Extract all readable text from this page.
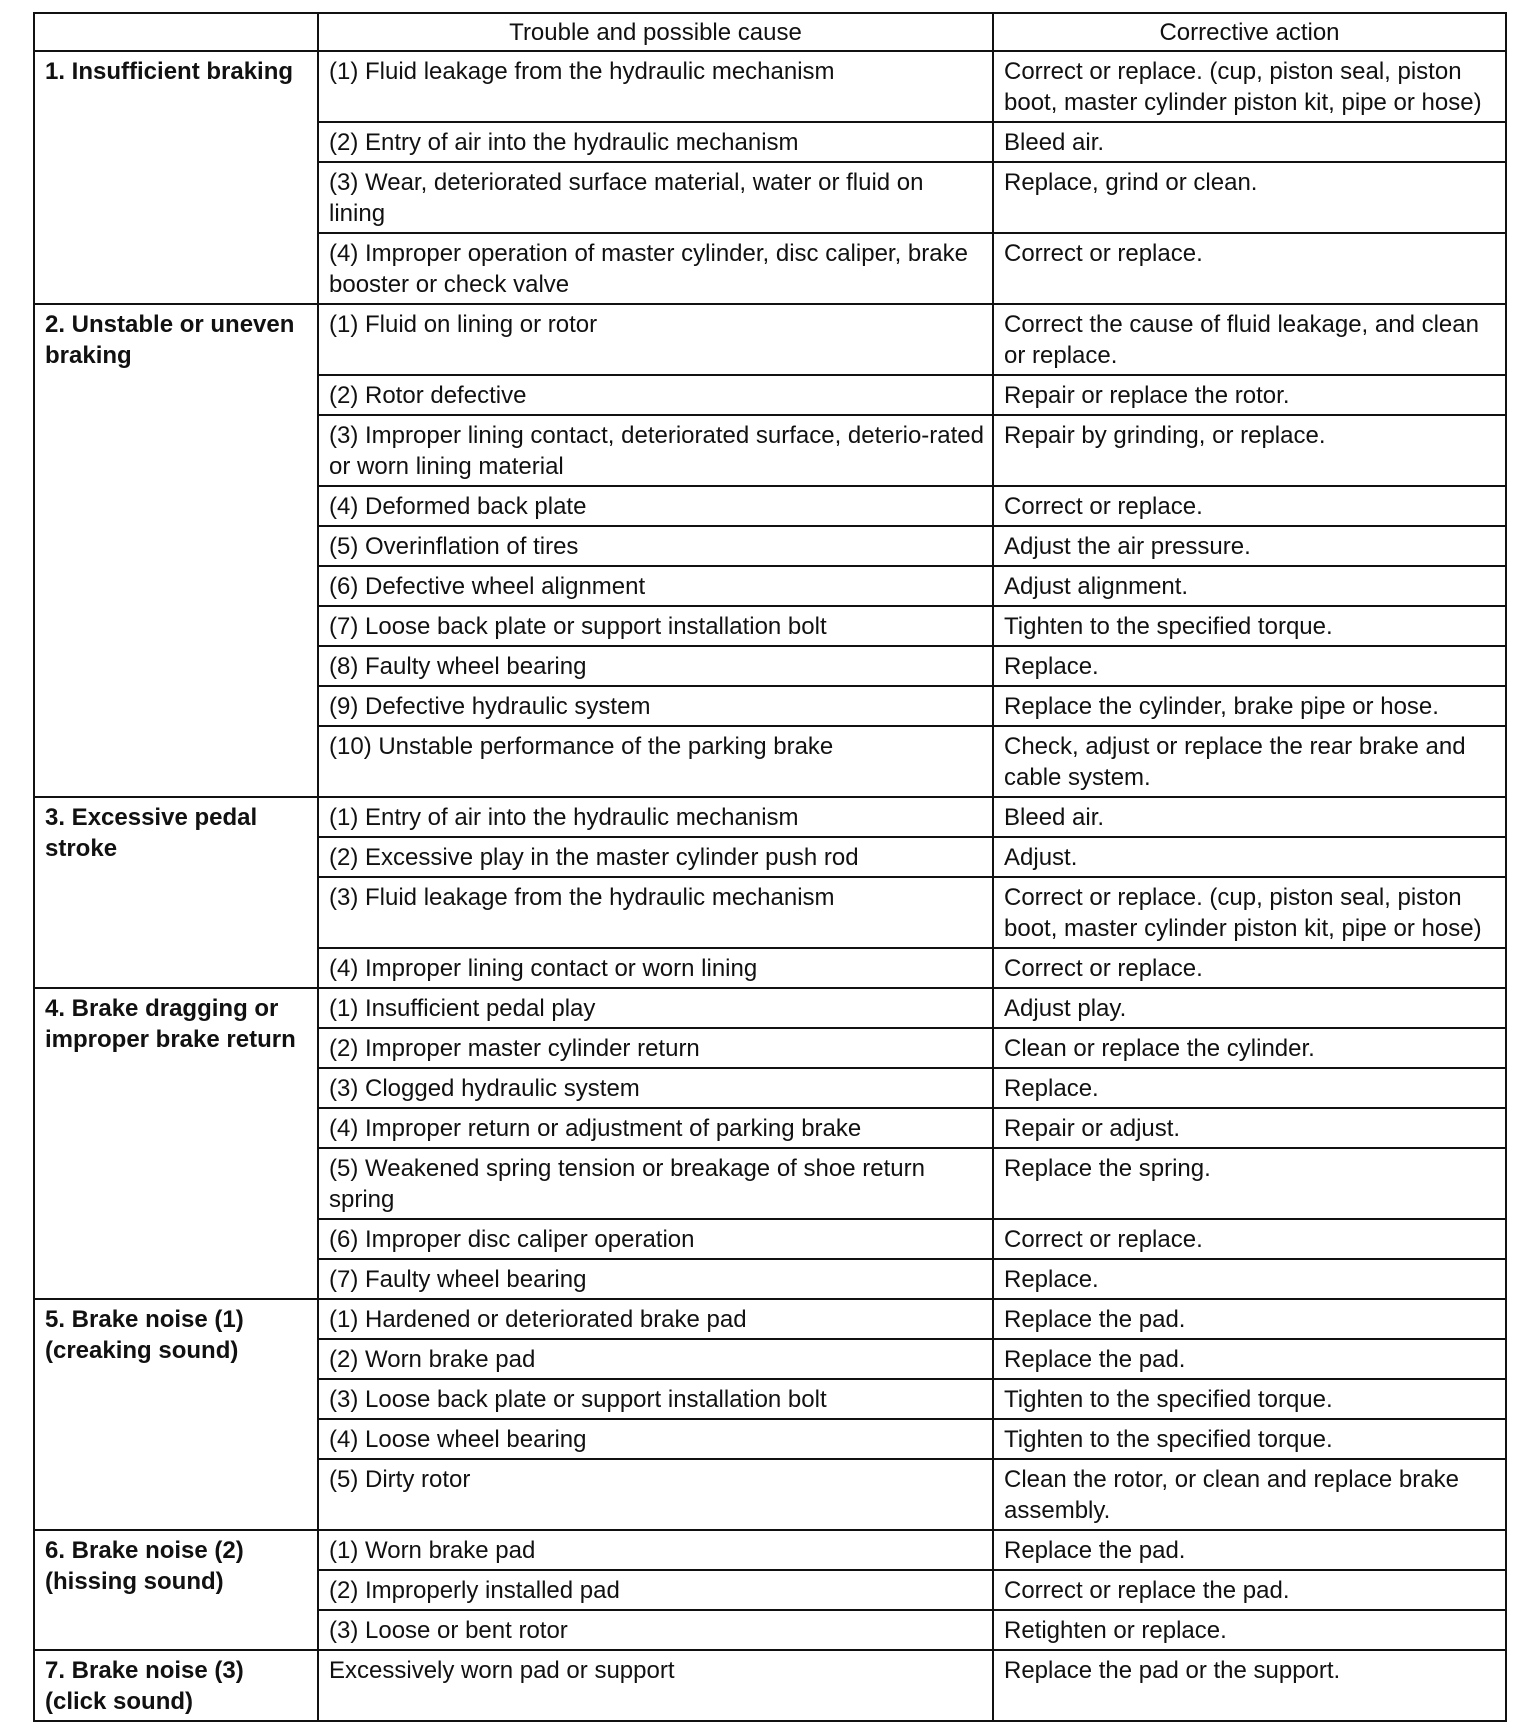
	Trouble and possible cause	Corrective action
1. Insufficient braking	(1) Fluid leakage from the hydraulic mechanism	Correct or replace. (cup, piston seal, piston boot, master cylinder piston kit, pipe or hose)
	(2) Entry of air into the hydraulic mechanism	Bleed air.
	(3) Wear, deteriorated surface material, water or fluid on lining	Replace, grind or clean.
	(4) Improper operation of master cylinder, disc caliper, brake booster or check valve	Correct or replace.
2. Unstable or uneven braking	(1) Fluid on lining or rotor	Correct the cause of fluid leakage, and clean or replace.
	(2) Rotor defective	Repair or replace the rotor.
	(3) Improper lining contact, deteriorated surface, deterio-rated or worn lining material	Repair by grinding, or replace.
	(4) Deformed back plate	Correct or replace.
	(5) Overinflation of tires	Adjust the air pressure.
	(6) Defective wheel alignment	Adjust alignment.
	(7) Loose back plate or support installation bolt	Tighten to the specified torque.
	(8) Faulty wheel bearing	Replace.
	(9) Defective hydraulic system	Replace the cylinder, brake pipe or hose.
	(10) Unstable performance of the parking brake	Check, adjust or replace the rear brake and cable system.
3. Excessive pedal stroke	(1) Entry of air into the hydraulic mechanism	Bleed air.
	(2) Excessive play in the master cylinder push rod	Adjust.
	(3) Fluid leakage from the hydraulic mechanism	Correct or replace. (cup, piston seal, piston boot, master cylinder piston kit, pipe or hose)
	(4) Improper lining contact or worn lining	Correct or replace.
4. Brake dragging or improper brake return	(1) Insufficient pedal play	Adjust play.
	(2) Improper master cylinder return	Clean or replace the cylinder.
	(3) Clogged hydraulic system	Replace.
	(4) Improper return or adjustment of parking brake	Repair or adjust.
	(5) Weakened spring tension or breakage of shoe return spring	Replace the spring.
	(6) Improper disc caliper operation	Correct or replace.
	(7) Faulty wheel bearing	Replace.
5. Brake noise (1) (creaking sound)	(1) Hardened or deteriorated brake pad	Replace the pad.
	(2) Worn brake pad	Replace the pad.
	(3) Loose back plate or support installation bolt	Tighten to the specified torque.
	(4) Loose wheel bearing	Tighten to the specified torque.
	(5) Dirty rotor	Clean the rotor, or clean and replace brake assembly.
6. Brake noise (2) (hissing sound)	(1) Worn brake pad	Replace the pad.
	(2) Improperly installed pad	Correct or replace the pad.
	(3) Loose or bent rotor	Retighten or replace.
7. Brake noise (3) (click sound)	Excessively worn pad or support	Replace the pad or the support.
